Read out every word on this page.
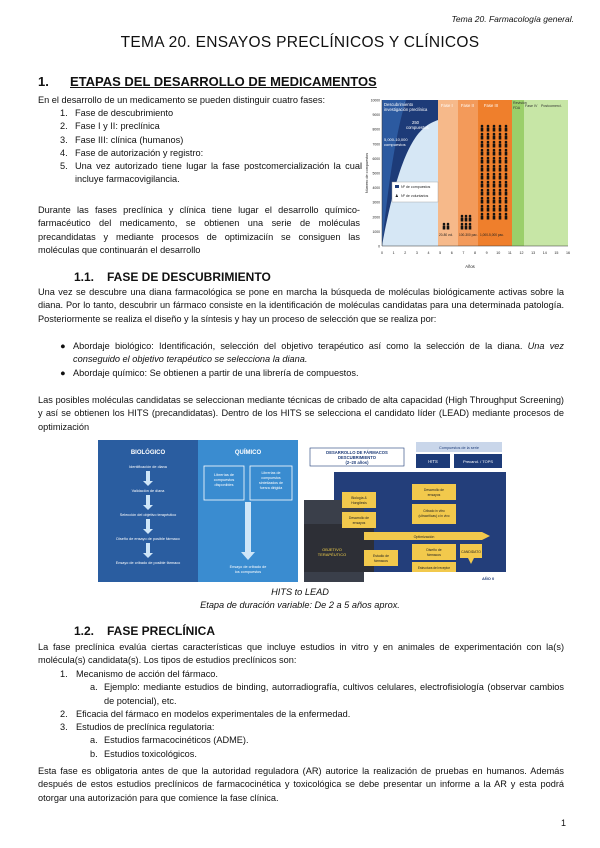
Tema 20. Farmacología general.
TEMA 20. ENSAYOS PRECLÍNICOS Y CLÍNICOS
1. ETAPAS DEL DESARROLLO DE MEDICAMENTOS
En el desarrollo de un medicamento se pueden distinguir cuatro fases:
1. Fase de descubrimiento
2. Fase I y II: preclínica
3. Fase III: clínica (humanos)
4. Fase de autorización y registro:
5. Una vez autorizado tiene lugar la fase postcomercialización la cual incluye farmacovigilancia.
Durante las fases preclínica y clínica tiene lugar el desarrollo químico-farmacéutico del medicamento, se obtienen una serie de moléculas precandidatas y mediante procesos de optimizaciín se consiguen las moléculas que continuarán el desarrollo
Descubrimiento
investigación preclínica
Fase I Fase II Fase III	Revisión
FDA Fase IV Postcomerci.
250
compuestos
5,000-10,000
compuestos
Nº de compuestos
♟ Nº de voluntarios
20-80 vol. 100-300 pac. 1,000-5,000 pac.
10000
9000
8000
7000
6000
5000
4000
3000
2000
1000
0
0	1	2	3	4	5	6	7	8	9 10 11 12 13 14 15 16
Años
Número de compuestos
1.1. FASE DE DESCUBRIMIENTO
Una vez se descubre una diana farmacológica se pone en marcha la búsqueda de moléculas biológicamente activas sobre la diana. Por lo tanto, descubrir un fármaco consiste en la identificación de moléculas candidatas para una determinada patología. Posteriormente se realiza el diseño y la síntesis y hay un proceso de selección que se realiza por:
● Abordaje biológico: Identificación, selección del objetivo terapéutico así como la selección de la diana. Una vez conseguido el objetivo terapéutico se selecciona la diana.
● Abordaje químico: Se obtienen a partir de una librería de compuestos.
Las posibles moléculas candidatas se seleccionan mediante técnicas de cribado de alta capacidad (High Throughput Screening) y así se obtienen los HITS (precandidatas). Dentro de los HITS se selecciona el candidato líder (LEAD) mediante procesos de optimización
BIOLÓGICO	QUÍMICO
Identificación de diana
Validación de diana
Selección del objetivo terapéutico
Diseño de ensayo de posible fármaco
Ensayo de cribado de posible fármaco
Librerías de
compuestos
disponibles
Librerías de
compuestos
sintetizados de
fuerza dirigida
Ensayo de cribado de
los compuestos
DESARROLLO DE FÁRMACOS
DESCUBRIMIENTO
(2–20 años)
Compuestos de la serie
HITS	Precand. / TOPS
OBJETIVO
TERAPÉUTICO
Biología &
Hongilesis
Desarrollo de
ensayos
Desarrollo de
ensayos
Cribado in vitro
(ultracríticas) o in vivo
Optimización
Diseño de
fármacos
Estructura del receptor
Estudio de
fármacos
CANDIDATO
AÑO 0
HITS to LEAD
Etapa de duración variable: De 2 a 5 años aprox.
1.2. FASE PRECLÍNICA
La fase preclínica evalúa ciertas características que incluye estudios in vitro y en animales de experimentación con la(s) molécula(s) candidata(s). Los tipos de estudios preclínicos son:
1. Mecanismo de acción del fármaco.
a. Ejemplo: mediante estudios de binding, autorradiografía, cultivos celulares, electrofisiología (observar cambios de potencial), etc.
2. Eficacia del fármaco en modelos experimentales de la enfermedad.
3. Estudios de preclínica regulatoria:
a. Estudios farmacocinéticos (ADME).
b. Estudios toxicológicos.
Esta fase es obligatoria antes de que la autoridad reguladora (AR) autorice la realización de pruebas en humanos. Además después de estos estudios preclínicos de farmacocinética y toxicológica se debe presentar un informe a la AR y esta podrá otorgar una autorización para que comience la fase clínica.
1
